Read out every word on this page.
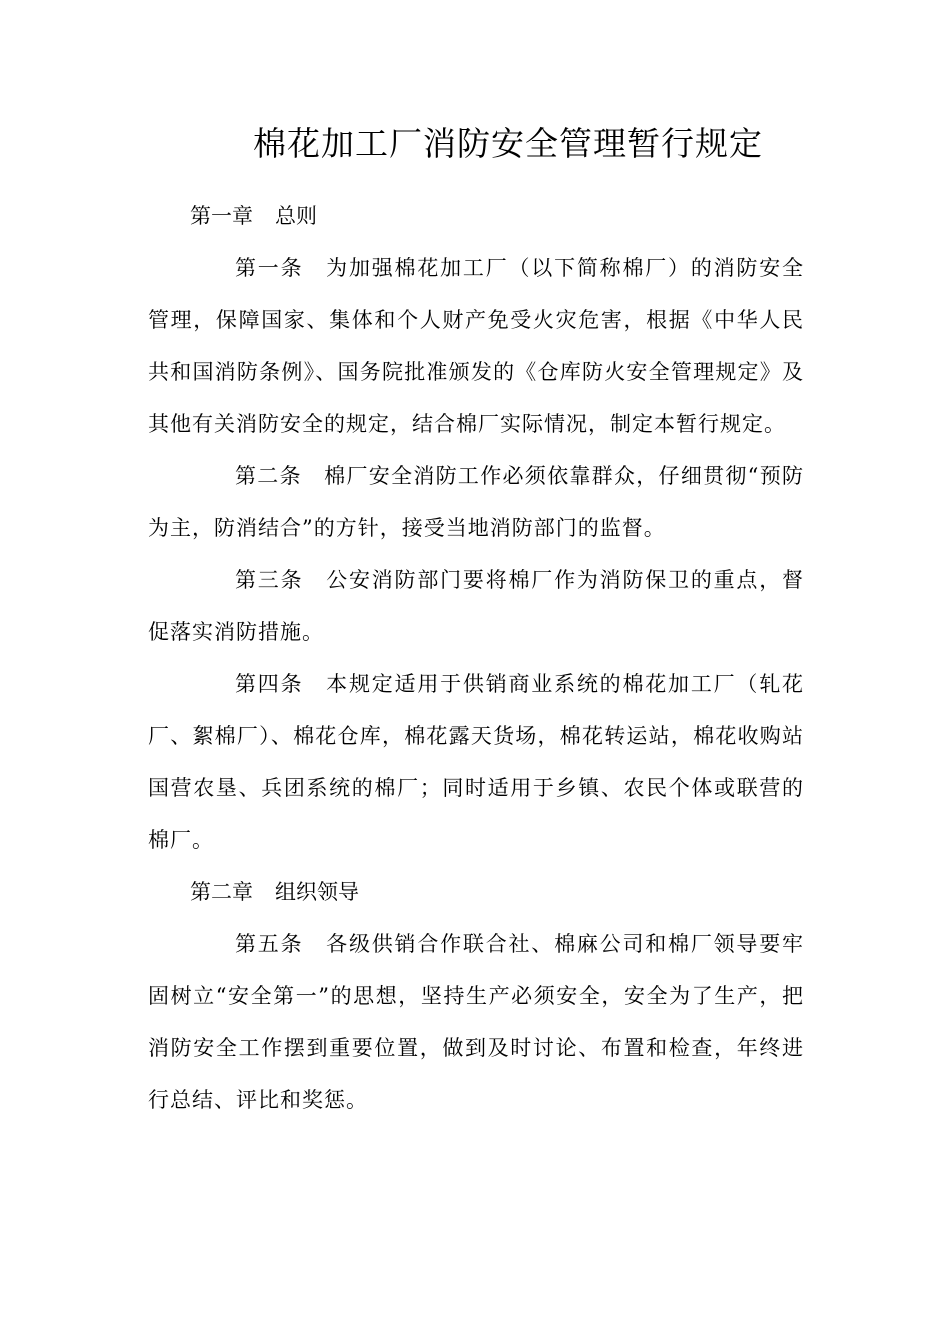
棉花加工厂消防安全管理暂行规定
第一章 总则
第一条 为加强棉花加工厂（以下简称棉厂）的消防安全管理，保障国家、集体和个人财产免受火灾危害，根据《中华人民共和国消防条例》、国务院批准颁发的《仓库防火安全管理规定》及其他有关消防安全的规定，结合棉厂实际情况，制定本暂行规定。
第二条 棉厂安全消防工作必须依靠群众，仔细贯彻“预防为主，防消结合”的方针，接受当地消防部门的监督。
第三条 公安消防部门要将棉厂作为消防保卫的重点，督促落实消防措施。
第四条 本规定适用于供销商业系统的棉花加工厂（轧花厂、絮棉厂）、棉花仓库，棉花露天货场，棉花转运站，棉花收购站国营农垦、兵团系统的棉厂；同时适用于乡镇、农民个体或联营的棉厂。
第二章 组织领导
第五条 各级供销合作联合社、棉麻公司和棉厂领导要牢固树立“安全第一”的思想，坚持生产必须安全，安全为了生产，把消防安全工作摆到重要位置，做到及时讨论、布置和检查，年终进行总结、评比和奖惩。
